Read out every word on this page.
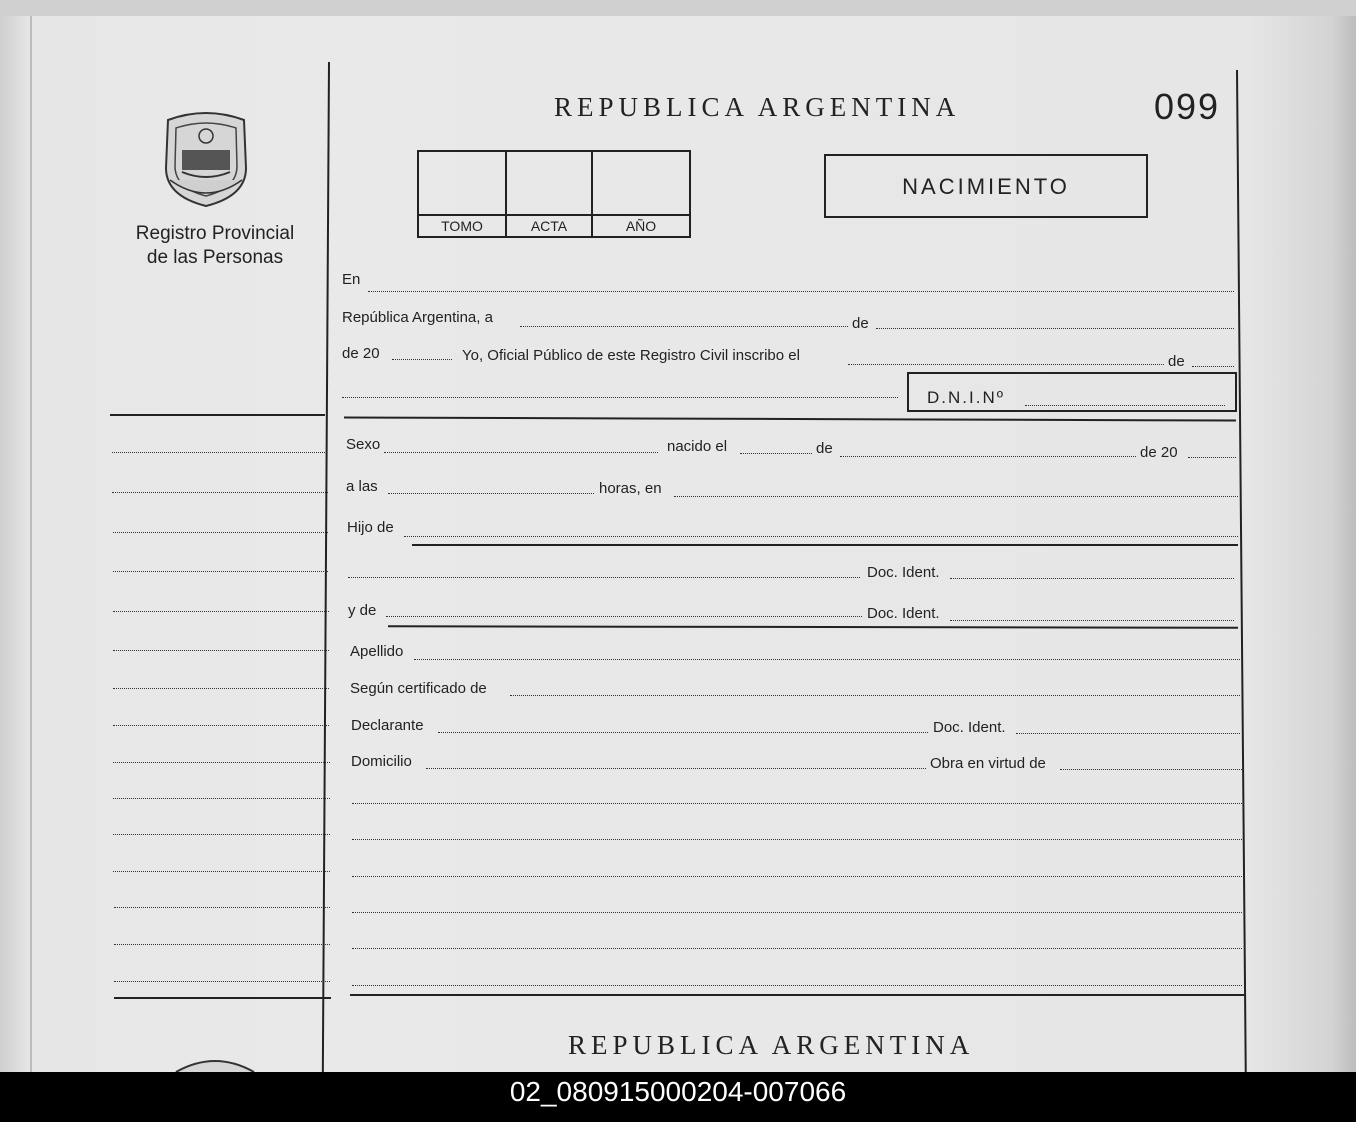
Registro Provincial
de las Personas
REPUBLICA ARGENTINA	099
TOMO	ACTA	AÑO
NACIMIENTO
En
República Argentina, a	de
de 20	Yo, Oficial Público de este Registro Civil inscribo el	de
D.N.I.Nº
Sexo	nacido el	de	de 20
a las	horas, en
Hijo de
Doc. Ident.
y de	Doc. Ident.
Apellido
Según certificado de
Declarante	Doc. Ident.
Domicilio	Obra en virtud de
REPUBLICA ARGENTINA
02_080915000204-007066
